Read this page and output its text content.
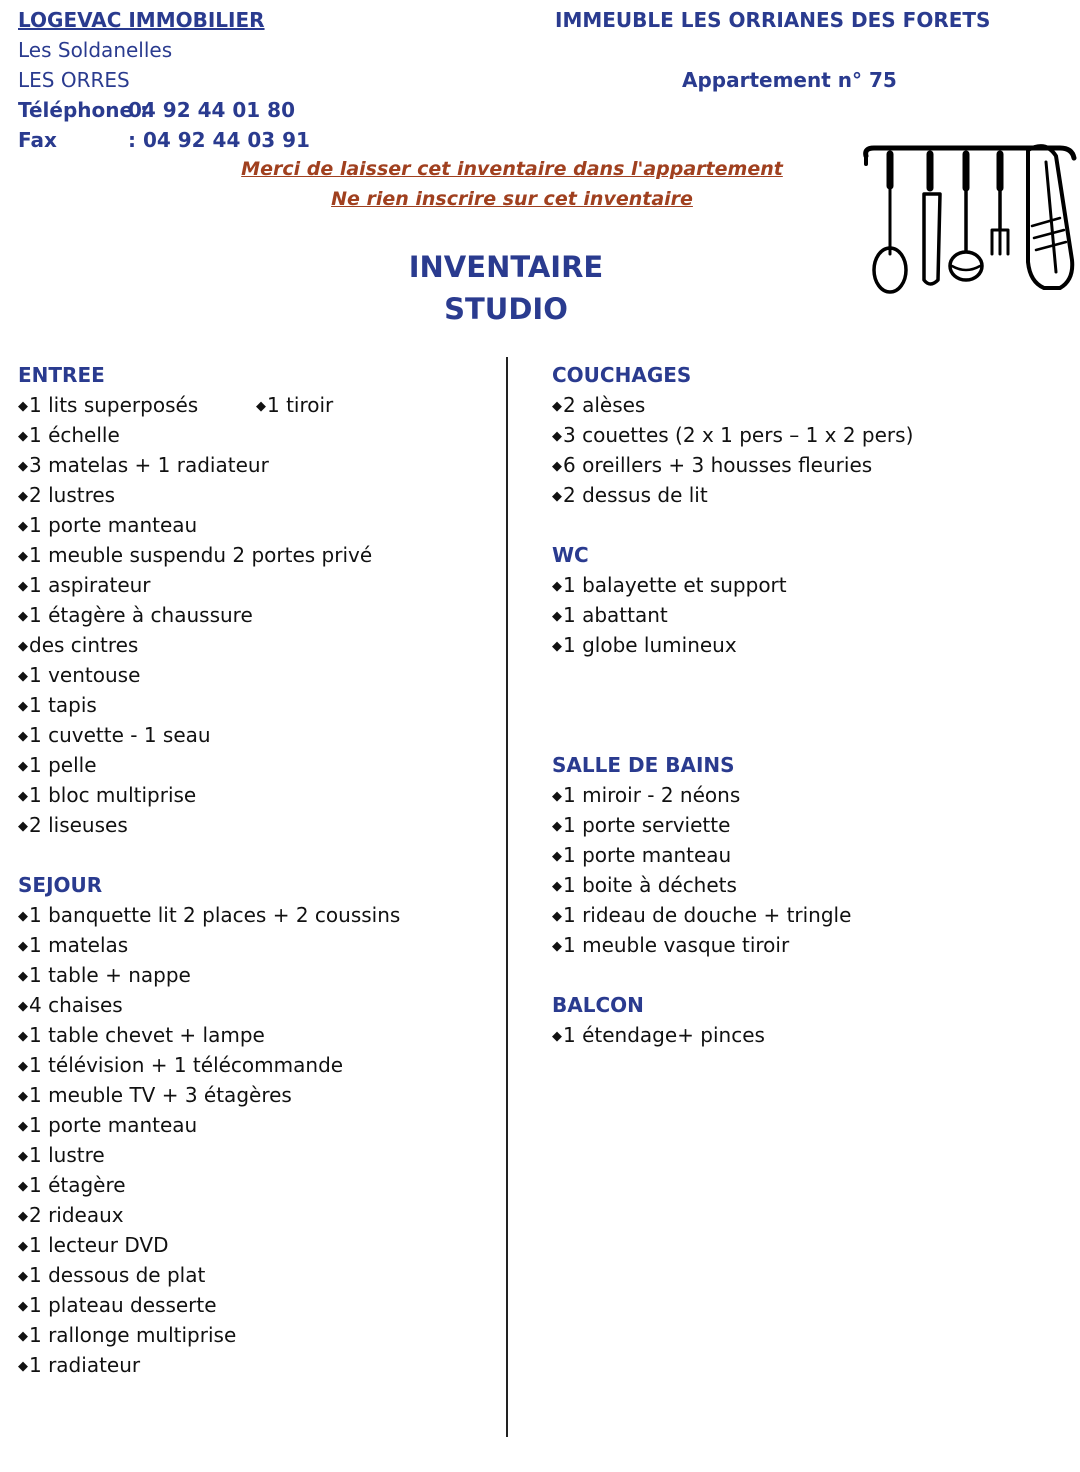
LOGEVAC IMMOBILIER
Les Soldanelles
LES ORRES
Téléphone :04 92 44 01 80
Fax	: 04 92 44 03 91
IMMEUBLE LES ORRIANES DES FORETS
Appartement n° 75
Merci de laisser cet inventaire dans l'appartement
Ne rien inscrire sur cet inventaire
INVENTAIRE
STUDIO
ENTREE
◆1 lits superposés
◆1 échelle
◆3 matelas + 1 radiateur
◆2 lustres
◆1 porte manteau
◆1 meuble suspendu 2 portes privé
◆1 aspirateur
◆1 étagère à chaussure
◆des cintres
◆1 ventouse
◆1 tapis
◆1 cuvette - 1 seau
◆1 pelle
◆1 bloc multiprise
◆2 liseuses
SEJOUR
◆1 banquette lit 2 places + 2 coussins
◆1 matelas
◆1 table + nappe
◆4 chaises
◆1 table chevet + lampe
◆1 télévision + 1 télécommande
◆1 meuble TV + 3 étagères
◆1 porte manteau
◆1 lustre
◆1 étagère
◆2 rideaux
◆1 lecteur DVD
◆1 dessous de plat
◆1 plateau desserte
◆1 rallonge multiprise
◆1 radiateur
◆1 tiroir
COUCHAGES
◆2 alèses
◆3 couettes (2 x 1 pers – 1 x 2 pers)
◆6 oreillers + 3 housses fleuries
◆2 dessus de lit
WC
◆1 balayette et support
◆1 abattant
◆1 globe lumineux
SALLE DE BAINS
◆1 miroir - 2 néons
◆1 porte serviette
◆1 porte manteau
◆1 boite à déchets
◆1 rideau de douche + tringle
◆1 meuble vasque tiroir
BALCON
◆1 étendage+ pinces
